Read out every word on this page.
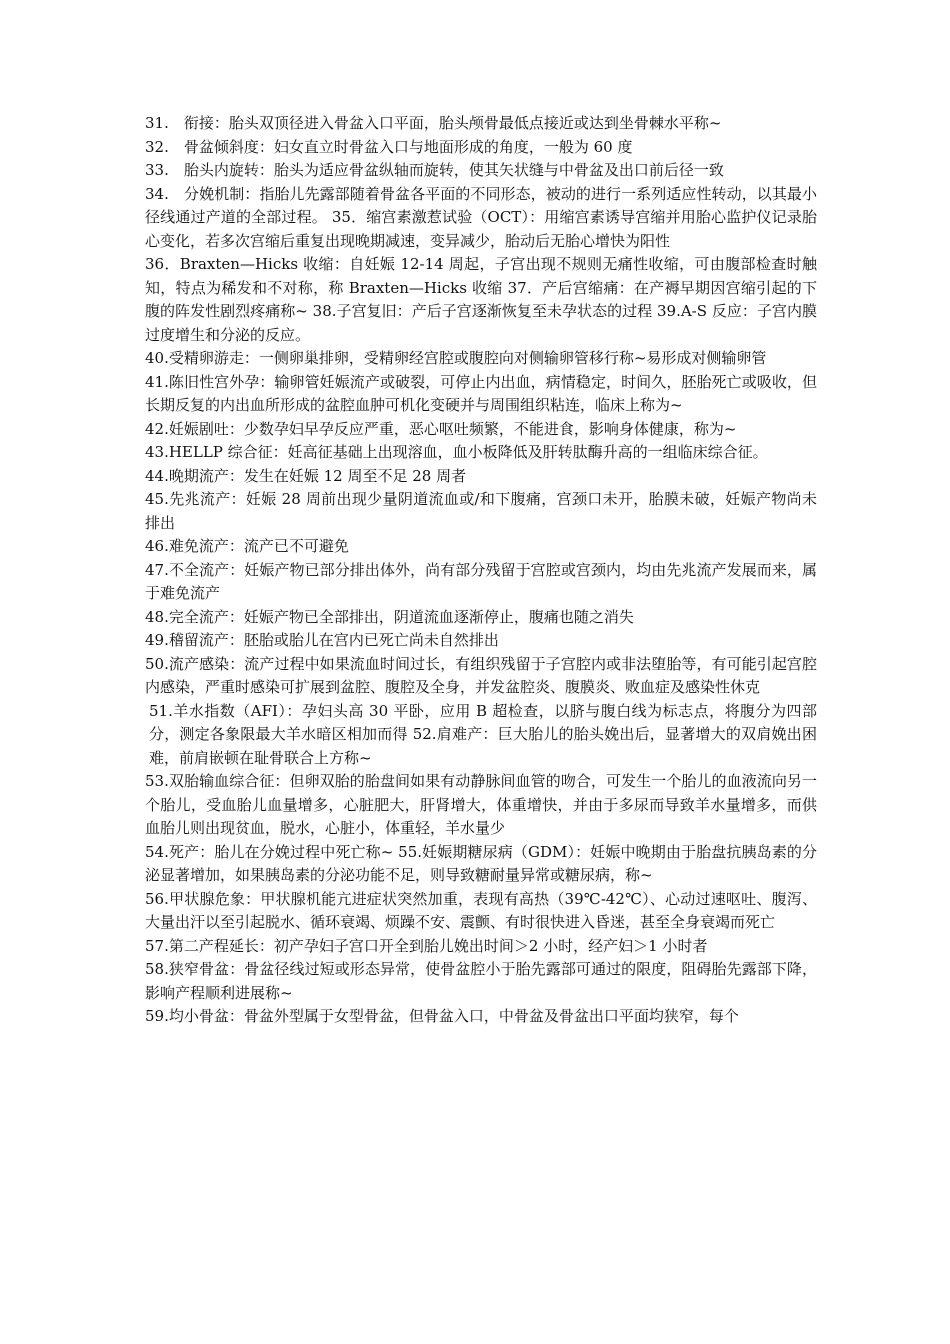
31.　衔接：胎头双顶径进入骨盆入口平面，胎头颅骨最低点接近或达到坐骨棘水平称~

32.　骨盆倾斜度：妇女直立时骨盆入口与地面形成的角度，一般为 60 度

33.　胎头内旋转：胎头为适应骨盆纵轴而旋转，使其矢状缝与中骨盆及出口前后径一致

34.　分娩机制：指胎儿先露部随着骨盆各平面的不同形态，被动的进行一系列适应性转动，以其最小径线通过产道的全部过程。 35．缩宫素激惹试验（OCT）：用缩宫素诱导宫缩并用胎心监护仪记录胎心变化，若多次宫缩后重复出现晚期减速，变异减少，胎动后无胎心增快为阳性

36．Braxten—Hicks 收缩：自妊娠 12-14 周起，子宫出现不规则无痛性收缩，可由腹部检查时触知，特点为稀发和不对称，称 Braxten—Hicks 收缩 37．产后宫缩痛：在产褥早期因宫缩引起的下腹的阵发性剧烈疼痛称~ 38.子宫复旧：产后子宫逐渐恢复至未孕状态的过程 39.A-S 反应：子宫内膜过度增生和分泌的反应。

40.受精卵游走：一侧卵巢排卵，受精卵经宫腔或腹腔向对侧输卵管移行称~易形成对侧输卵管

41.陈旧性宫外孕：输卵管妊娠流产或破裂，可停止内出血，病情稳定，时间久，胚胎死亡或吸收，但长期反复的内出血所形成的盆腔血肿可机化变硬并与周围组织粘连，临床上称为~

42.妊娠剧吐：少数孕妇早孕反应严重，恶心呕吐频繁，不能进食，影响身体健康，称为~

43.HELLP 综合征：妊高征基础上出现溶血，血小板降低及肝转肽酶升高的一组临床综合征。

44.晚期流产：发生在妊娠 12 周至不足 28 周者

45.先兆流产：妊娠 28 周前出现少量阴道流血或/和下腹痛，宫颈口未开，胎膜未破，妊娠产物尚未排出

46.难免流产：流产已不可避免

47.不全流产：妊娠产物已部分排出体外，尚有部分残留于宫腔或宫颈内，均由先兆流产发展而来，属于难免流产

48.完全流产：妊娠产物已全部排出，阴道流血逐渐停止，腹痛也随之消失

49.稽留流产：胚胎或胎儿在宫内已死亡尚未自然排出

50.流产感染：流产过程中如果流血时间过长，有组织残留于子宫腔内或非法堕胎等，有可能引起宫腔内感染，严重时感染可扩展到盆腔、腹腔及全身，并发盆腔炎、腹膜炎、败血症及感染性休克

51.羊水指数（AFI）：孕妇头高 30 平卧，应用 B 超检查，以脐与腹白线为标志点，将腹分为四部分，测定各象限最大羊水暗区相加而得 52.肩难产：巨大胎儿的胎头娩出后，显著增大的双肩娩出困难，前肩嵌顿在耻骨联合上方称~

53.双胎输血综合征：但卵双胎的胎盘间如果有动静脉间血管的吻合，可发生一个胎儿的血液流向另一个胎儿，受血胎儿血量增多，心脏肥大，肝肾增大，体重增快，并由于多尿而导致羊水量增多，而供血胎儿则出现贫血，脱水，心脏小，体重轻，羊水量少

54.死产：胎儿在分娩过程中死亡称~ 55.妊娠期糖尿病（GDM）：妊娠中晚期由于胎盘抗胰岛素的分泌显著增加，如果胰岛素的分泌功能不足，则导致糖耐量异常或糖尿病，称~

56.甲状腺危象：甲状腺机能亢进症状突然加重，表现有高热（39℃-42℃）、心动过速呕吐、腹泻、大量出汗以至引起脱水、循环衰竭、烦躁不安、震颤、有时很快进入昏迷，甚至全身衰竭而死亡

57.第二产程延长：初产孕妇子宫口开全到胎儿娩出时间＞2 小时，经产妇＞1 小时者

58.狭窄骨盆：骨盆径线过短或形态异常，使骨盆腔小于胎先露部可通过的限度，阻碍胎先露部下降，影响产程顺利进展称~

59.均小骨盆：骨盆外型属于女型骨盆，但骨盆入口，中骨盆及骨盆出口平面均狭窄，每个
